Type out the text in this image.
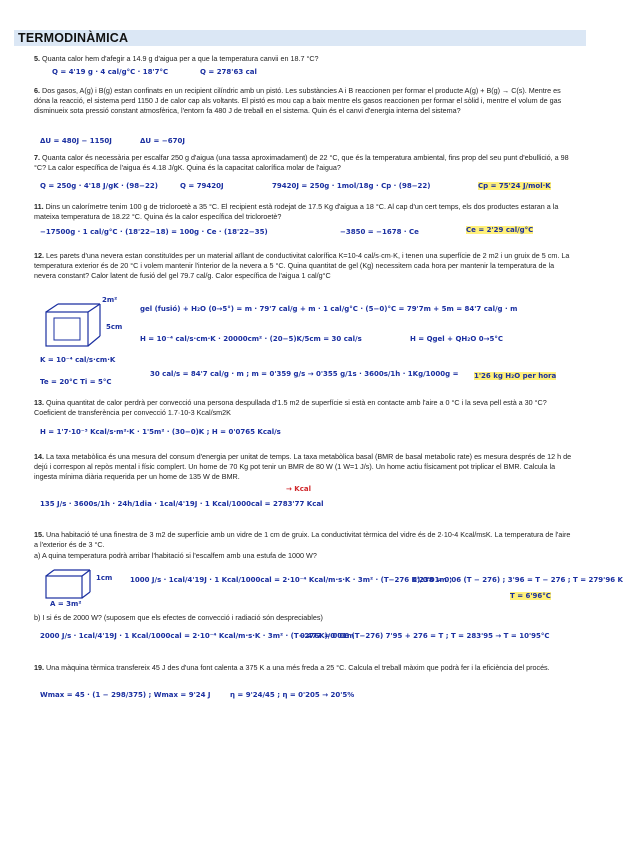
TERMODINÀMICA
5. Quanta calor hem d'afegir a 14.9 g d'aigua per a que la temperatura canvii en 18.7 °C?
Q = 4'19 g · 4 cal/g°C · 18'7°C	Q = 278'63 cal
6. Dos gasos, A(g) i B(g) estan confinats en un recipient cilíndric amb un pistó. Les substàncies A i B reaccionen per formar el producte A(g) + B(g) → C(s). Mentre es dóna la reacció, el sistema perd 1150 J de calor cap als voltants. El pistó es mou cap a baix mentre els gasos reaccionen per formar el sòlid i, mentre el volum de gas disminueix sota pressió constant atmosfèrica, l'entorn fa 480 J de treball en el sistema. Quin és el canvi d'energia interna del sistema?
ΔU = 480J − 1150J	ΔU = −670J
7. Quanta calor és necessària per escalfar 250 g d'aigua (una tassa aproximadament) de 22 °C, que és la temperatura ambiental, fins prop del seu punt d'ebullició, a 98 °C? La calor específica de l'aigua és 4.18 J/gK. Quina és la capacitat calorífica molar de l'aigua?
Q = 250g · 4'18 J/gK · (98−22)	Q = 79420J	79420J = 250g · 1mol/18g · Cp · (98−22)	Cp = 75'24 J/mol·K
11. Dins un calorímetre tenim 100 g de tricloroetè a 35 °C. El recipient està rodejat de 17.5 Kg d'aigua a 18 °C. Al cap d'un cert temps, els dos productes estaran a la mateixa temperatura de 18.22 °C. Quina és la calor específica del tricloroetè?
−17500g · 1 cal/g°C · (18'22−18) = 100g · Ce · (18'22−35)	−3850 = −1678 · Ce	Ce = 2'29 cal/g°C
12. Les parets d'una nevera estan constituïdes per un material aïllant de conductivitat calorífica K=10-4 cal/s·cm·K, i tenen una superfície de 2 m2 i un gruix de 5 cm. La temperatura exterior és de 20 °C i volem mantenir l'interior de la nevera a 5 °C. Quina quantitat de gel (Kg) necessitem cada hora per mantenir la temperatura de la nevera constant? Calor latent de fusió del gel 79.7 cal/g. Calor específica de l'aigua 1 cal/g°C
2m²
5cm
K = 10⁻⁴ cal/s·cm·K
Te = 20°C Ti = 5°C
gel (fusió) + H₂O (0→5°) = m · 79'7 cal/g + m · 1 cal/g°C · (5−0)°C = 79'7m + 5m = 84'7 cal/g · m
H = 10⁻⁴ cal/s·cm·K · 20000cm² · (20−5)K/5cm = 30 cal/s	H = Qgel + QH₂O 0→5°C
30 cal/s = 84'7 cal/g · m ; m = 0'359 g/s → 0'355 g/1s · 3600s/1h · 1Kg/1000g = 1'26 kg H₂O per hora
13. Quina quantitat de calor perdrà per convecció una persona despullada d'1.5 m2 de superfície si està en contacte amb l'aire a 0 °C i la seva pell està a 30 °C? Coeficient de transferència per convecció 1.7·10-3 Kcal/sm2K
H = 1'7·10⁻³ Kcal/s·m²·K · 1'5m² · (30−0)K ; H = 0'0765 Kcal/s
14. La taxa metabòlica és una mesura del consum d'energia per unitat de temps. La taxa metabòlica basal (BMR de basal metabolic rate) es mesura després de 12 h de dejú i correspon al repòs mental i físic complert. Un home de 70 Kg pot tenir un BMR de 80 W (1 W=1 J/s). Un home actiu físicament pot triplicar el BMR. Calcula la ingesta mínima diària requerida per un home de 135 W de BMR.
→ Kcal
135 J/s · 3600s/1h · 24h/1dia · 1cal/4'19J · 1 Kcal/1000cal = 2783'77 Kcal
15. Una habitació té una finestra de 3 m2 de superfície amb un vidre de 1 cm de gruix. La conductivitat tèrmica del vidre és de 2·10-4 Kcal/msK. La temperatura de l'aire a l'exterior és de 3 °C.
a) A quina temperatura podrà arribar l'habitació si l'escalfem amb una estufa de 1000 W?
1cm
A = 3m²
1000 J/s · 1cal/4'19J · 1 Kcal/1000cal = 2·10⁻⁴ Kcal/m·s·K · 3m² · (T−276 K)/0'01m ;
0'238 = 0'06 (T − 276) ; 3'96 = T − 276 ; T = 279'96 K
T = 6'96°C
b) I si és de 2000 W? (suposem que els efectes de convecció i radiació són despreciables)
2000 J/s · 1cal/4'19J · 1 Kcal/1000cal = 2·10⁻⁴ Kcal/m·s·K · 3m² · (T−276K)/0'01m
0'477 = 0'06 (T−276) 7'95 + 276 = T ; T = 283'95 → T = 10'95°C
19. Una màquina tèrmica transfereix 45 J des d'una font calenta a 375 K a una més freda a 25 °C. Calcula el treball màxim que podrà fer i la eficiència del procés.
Wmax = 45 · (1 − 298/375) ; Wmax = 9'24 J	η = 9'24/45 ; η = 0'205 → 20'5%
